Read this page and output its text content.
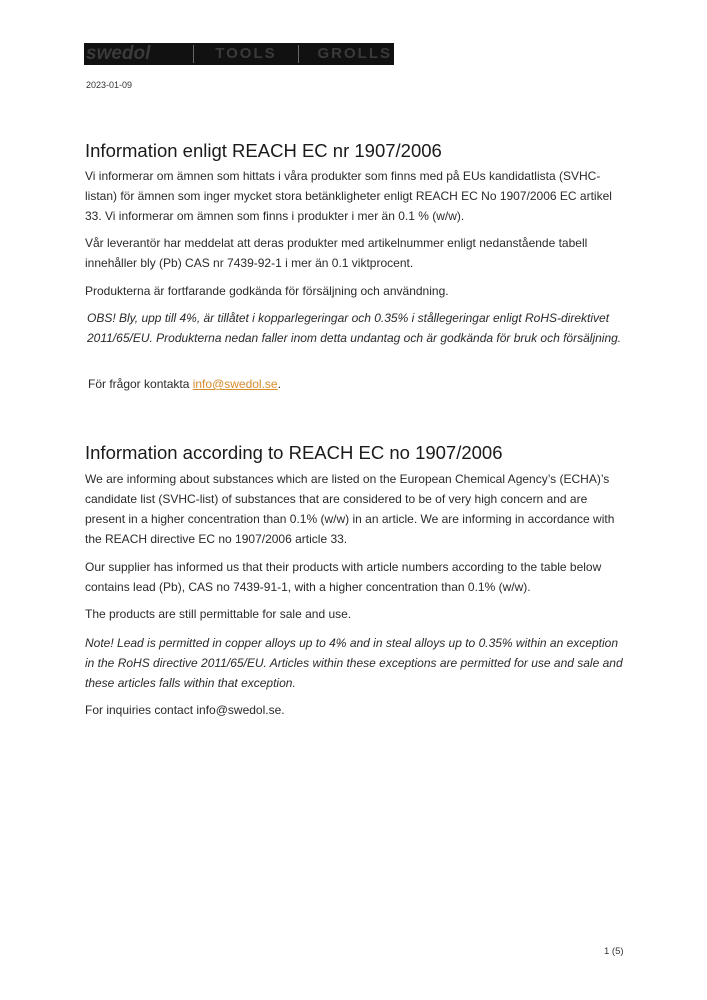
swedol	TOOLS	GROLLS
2023-01-09
Information enligt REACH EC nr 1907/2006

Vi informerar om ämnen som hittats i våra produkter som finns med på EUs kandidatlista (SVHC-listan) för ämnen som inger mycket stora betänkligheter enligt REACH EC No 1907/2006 EC artikel 33. Vi informerar om ämnen som finns i produkter i mer än 0.1 % (w/w).

Vår leverantör har meddelat att deras produkter med artikelnummer enligt nedanstående tabell innehåller bly (Pb) CAS nr 7439-92-1 i mer än 0.1 viktprocent.

Produkterna är fortfarande godkända för försäljning och användning.

OBS! Bly, upp till 4%, är tillåtet i kopparlegeringar och 0.35% i stållegeringar enligt RoHS-direktivet 2011/65/EU. Produkterna nedan faller inom detta undantag och är godkända för bruk och försäljning.

För frågor kontakta info@swedol.se.

Information according to REACH EC no 1907/2006

We are informing about substances which are listed on the European Chemical Agency’s (ECHA)’s candidate list (SVHC-list) of substances that are considered to be of very high concern and are present in a higher concentration than 0.1% (w/w) in an article. We are informing in accordance with the REACH directive EC no 1907/2006 article 33.

Our supplier has informed us that their products with article numbers according to the table below contains lead (Pb), CAS no 7439-91-1, with a higher concentration than 0.1% (w/w).

The products are still permittable for sale and use.

Note! Lead is permitted in copper alloys up to 4% and in steal alloys up to 0.35% within an exception in the RoHS directive 2011/65/EU. Articles within these exceptions are permitted for use and sale and these articles falls within that exception.

For inquiries contact info@swedol.se.

1 (5)
